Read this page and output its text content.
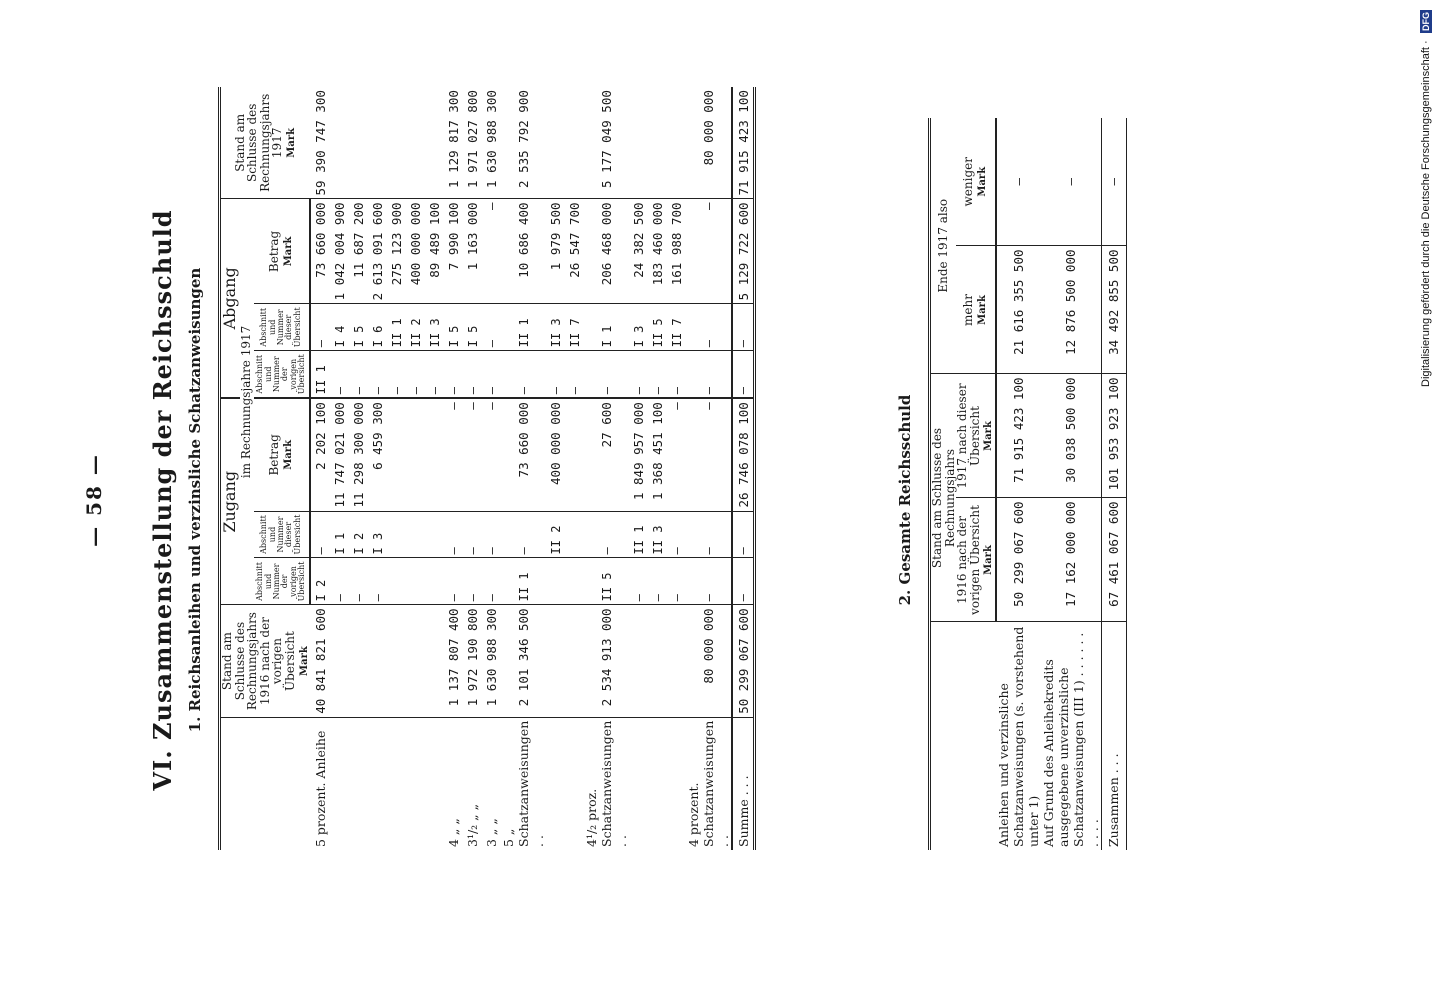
— 58 — VI. Zusammenstellung der Reichsschuld 1. Reichsanleihen und verzinsliche Schatzanweisungen
	Stand am Schlusse des Rechnungsjahrs 1916 nach der vorigen Übersicht Mark	Zugang			Abgang			Stand am Schlusse des Rechnungsjahrs 1917 Mark
		im Rechnungsjahre 1917						
		Abschnitt und Nummer der vorigen Übersicht	Abschnitt und Nummer dieser Übersicht	Betrag Mark	Abschnitt und Nummer der vorigen Übersicht	Abschnitt und Nummer dieser Übersicht	Betrag Mark	
5 prozent. Anleihe	40 841 821 600	I 2	—	2 202 100	II 1	—	73 660 000	59 390 747 300
		—	I 1	11 747 021 000	—	I 4	1 042 004 900	
		—	I 2	11 298 300 000	—	I 5	11 687 200	
		—	I 3	6 459 300	—	I 6	2 613 091 600	
					—	II 1	275 123 900	
					—	II 2	400 000 000	
					—	II 3	89 489 100	
4 „ „	1 137 807 400	—	—	—	—	I 5	7 990 100	1 129 817 300
3¹/₂ „ „	1 972 190 800	—	—	—	—	I 5	1 163 000	1 971 027 800
3 „ „	1 630 988 300	—	—	—	—	—	—	1 630 988 300
5 „ Schatzanweisungen . .	2 101 346 500	II 1	—	73 660 000	—	II 1	10 686 400	2 535 792 900
			II 2	400 000 000	—	II 3	1 979 500	
					—	II 7	26 547 700	
4¹/₂ proz. Schatzanweisungen . .	2 534 913 000	II 5	—	27 600	—	I 1	206 468 000	5 177 049 500
		—	II 1	1 849 957 000	—	I 3	24 382 500	
		—	II 3	1 368 451 100	—	II 5	183 460 000	
		—	—	—	—	II 7	161 988 700	
4 prozent. Schatzanweisungen . .	80 000 000	—	—	—	—	—	—	80 000 000
Summe . . .	50 299 067 600	—	—	26 746 078 100	—	—	5 129 722 600	71 915 423 100
2. Gesamte Reichsschuld
	Stand am Schlusse des Rechnungsjahrs		Ende 1917 also	
	1916 nach der vorigen Übersicht Mark	1917 nach dieser Übersicht Mark	mehr Mark	weniger Mark
Anleihen und verzinsliche Schatzanweisungen (s. vorstehend unter 1)	50 299 067 600	71 915 423 100	21 616 355 500	—
Auf Grund des Anleihekredits ausgegebene unverzinsliche Schatzanweisungen (III 1) . . . . . . . . . .	17 162 000 000	30 038 500 000	12 876 500 000	—
Zusammen . . .	67 461 067 600	101 953 923 100	34 492 855 500	—	Digitalisierung gefördert durch die Deutsche Forschungsgemeinschaft · DFG
